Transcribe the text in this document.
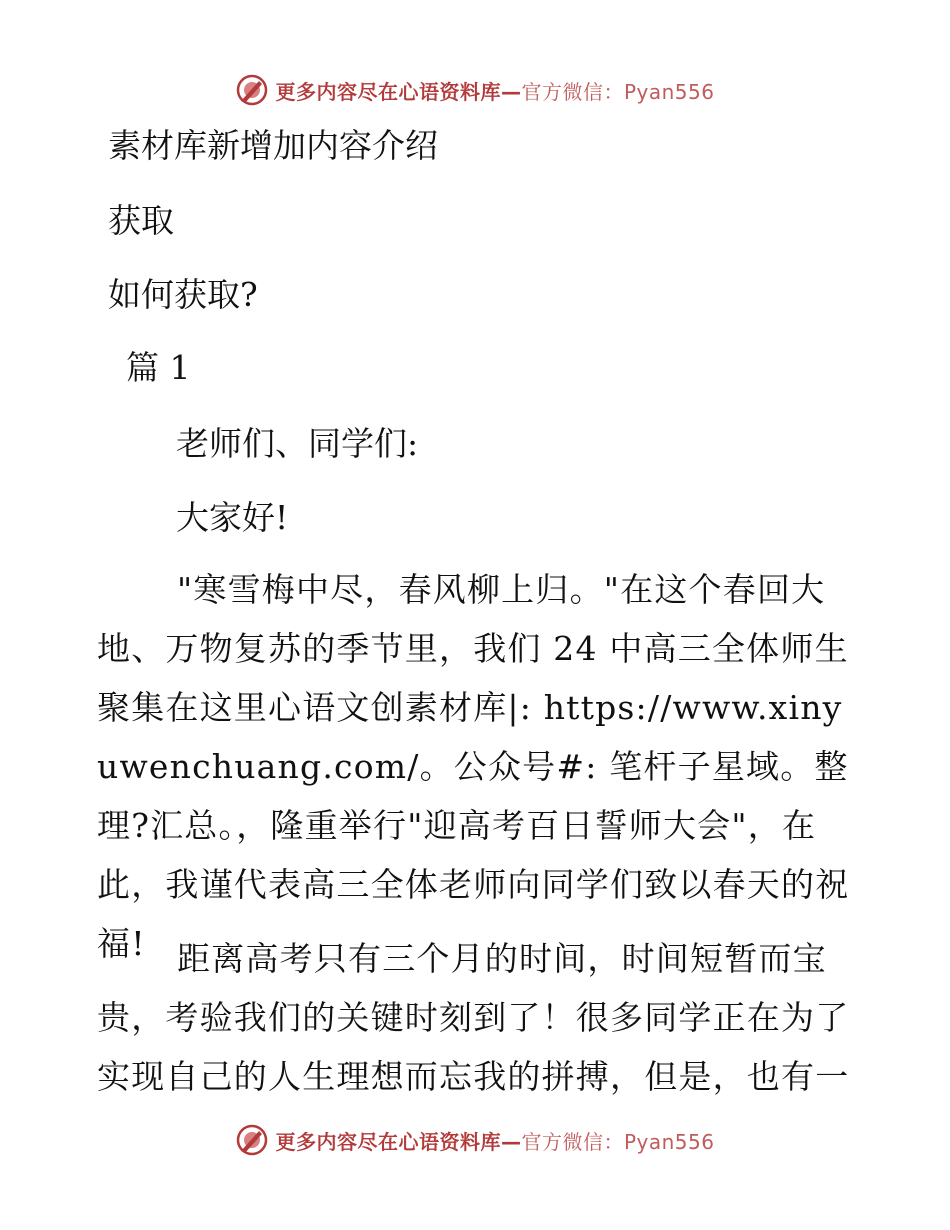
更多内容尽在心语资料库—官方微信：Pyan556
素材库新增加内容介绍
获取
如何获取?
篇 1
老师们、同学们:
大家好!

"寒雪梅中尽，春风柳上归。"在这个春回大地、万物复苏的季节里，我们 24 中高三全体师生聚集在这里心语文创素材库|: https://www.xinyuwenchuang.com/。公众号#: 笔杆子星域。整理?汇总。，隆重举行"迎高考百日誓师大会"，在此，我谨代表高三全体老师向同学们致以春天的祝福! 距离高考只有三个月的时间，时间短暂而宝贵，考验我们的关键时刻到了！很多同学正在为了实现自己的人生理想而忘我的拼搏，但是，也有一

更多内容尽在心语资料库—官方微信：Pyan556
